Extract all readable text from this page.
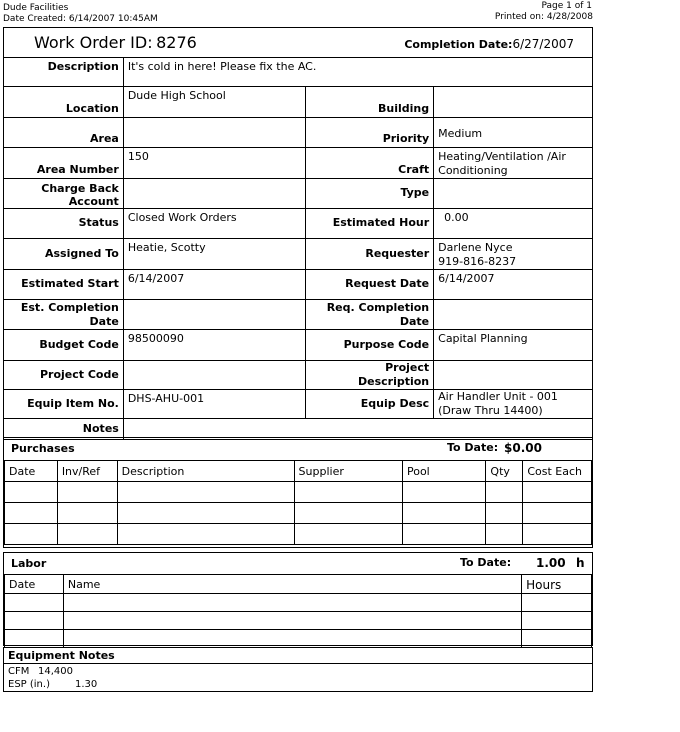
Dude Facilities
Date Created: 6/14/2007 10:45AM
Page 1 of 1
Printed on: 4/28/2008
Work Order ID: 8276 Completion Date:6/27/2007			

Description	It's cold in here! Please fix the AC.		
Location	Dude High School	Building	
Area		Priority	Medium
Area Number	150	Craft	Heating/Ventilation /Air Conditioning
Charge Back Account		Type	
Status	Closed Work Orders	Estimated Hour	0.00
Assigned To	Heatie, Scotty	Requester	Darlene Nyce
919-816-8237

Estimated Start	6/14/2007	Request Date	6/14/2007
Est. Completion Date		Req. Completion Date	
Budget Code	98500090	Purpose Code	Capital Planning
Project Code		Project Description	
Equip Item No.	DHS-AHU-001	Equip Desc	Air Handler Unit - 001 (Draw Thru 14400)
Notes			
Purchases	To Date: $0.00
Date	Inv/Ref	Description	Supplier	Pool	Qty	Cost Each

Labor	To Date: 1.00 h
Date	Name	Hours

Equipment Notes
CFM 14,400
ESP (in.)	1.30
